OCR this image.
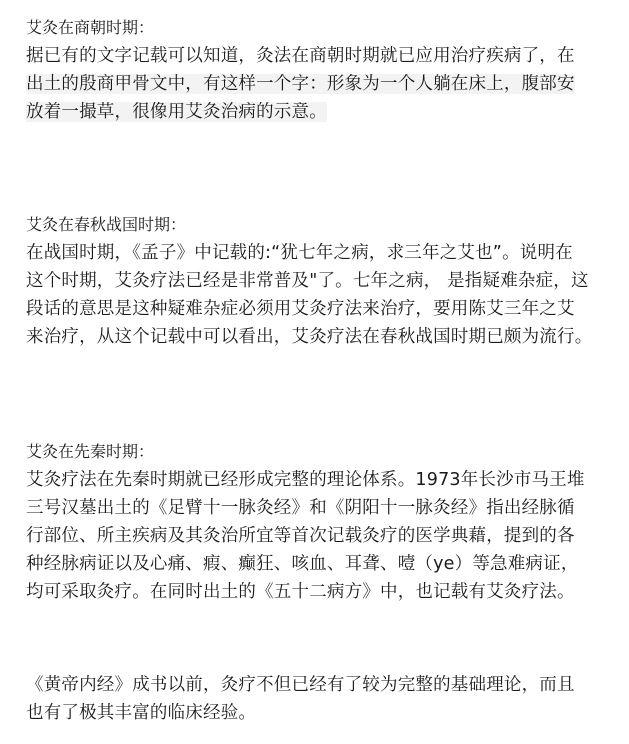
艾灸在商朝时期：
据已有的文字记载可以知道，灸法在商朝时期就已应用治疗疾病了，在
出土的殷商甲骨文中，有这样一个字：形象为一个人躺在床上，腹部安
放着一撮草，很像用艾灸治病的示意。
艾灸在春秋战国时期：
在战国时期，《孟子》中记载的:“犹七年之病，求三年之艾也”。说明在
这个时期，艾灸疗法已经是非常普及"了。七年之病， 是指疑难杂症，这
段话的意思是这种疑难杂症必须用艾灸疗法来治疗，要用陈艾三年之艾
来治疗，从这个记载中可以看出，艾灸疗法在春秋战国时期已颇为流行。
艾灸在先秦时期：
艾灸疗法在先秦时期就已经形成完整的理论体系。1973年长沙市马王堆
三号汉墓出土的《足臂十一脉灸经》和《阴阳十一脉灸经》指出经脉循
行部位、所主疾病及其灸治所宜等首次记载灸疗的医学典藉，提到的各
种经脉病证以及心痛、瘕、癫狂、咳血、耳聋、噎（ye）等急难病证，
均可采取灸疗。在同时出土的《五十二病方》中，也记载有艾灸疗法。
《黄帝内经》成书以前，灸疗不但已经有了较为完整的基础理论，而且
也有了极其丰富的临床经验。
